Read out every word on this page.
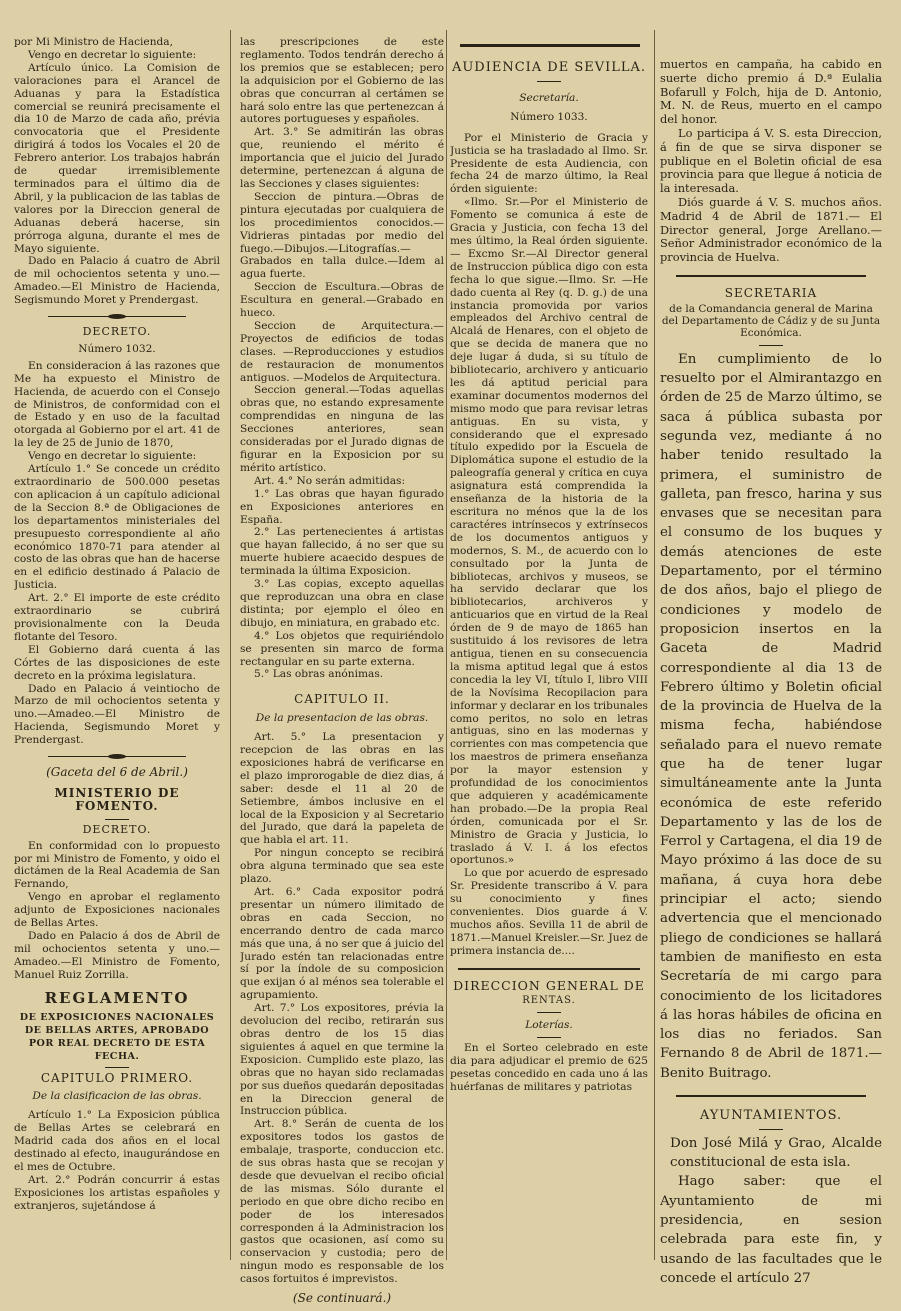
por Mi Ministro de Hacienda,

Vengo en decretar lo siguiente:

Artículo único. La Comision de valoraciones para el Arancel de Aduanas y para la Estadística comercial se reunirá precisamente el dia 10 de Marzo de cada año, prévia convocatoria que el Presidente dirigirá á todos los Vocales el 20 de Febrero anterior. Los trabajos habrán de quedar irremisiblemente terminados para el último dia de Abril, y la publicacion de las tablas de valores por la Direccion general de Aduanas deberá hacerse, sin prórroga alguna, durante el mes de Mayo siguiente.

Dado en Palacio á cuatro de Abril de mil ochocientos setenta y uno.— Amadeo.—El Ministro de Hacienda, Segismundo Moret y Prendergast.

DECRETO.
Número 1032.

En consideracion á las razones que Me ha expuesto el Ministro de Hacienda, de acuerdo con el Consejo de Ministros, de conformidad con el de Estado y en uso de la facultad otorgada al Gobierno por el art. 41 de la ley de 25 de Junio de 1870,

Vengo en decretar lo siguiente:

Artículo 1.° Se concede un crédito extraordinario de 500.000 pesetas con aplicacion á un capítulo adicional de la Seccion 8.ª de Obligaciones de los departamentos ministeriales del presupuesto correspondiente al año económico 1870-71 para atender al costo de las obras que han de hacerse en el edificio destinado á Palacio de Justicia.

Art. 2.° El importe de este crédito extraordinario se cubrirá provisionalmente con la Deuda flotante del Tesoro.

El Gobierno dará cuenta á las Córtes de las disposiciones de este decreto en la próxima legislatura.

Dado en Palacio á veintiocho de Marzo de mil ochocientos setenta y uno.—Amadeo.—El Ministro de Hacienda, Segismundo Moret y Prendergast.

(Gaceta del 6 de Abril.)
MINISTERIO DE FOMENTO.
DECRETO.

En conformidad con lo propuesto por mi Ministro de Fomento, y oido el dictámen de la Real Academia de San Fernando,

Vengo en aprobar el reglamento adjunto de Exposiciones nacionales de Bellas Artes.

Dado en Palacio á dos de Abril de mil ochocientos setenta y uno.— Amadeo.—El Ministro de Fomento, Manuel Ruiz Zorrilla.

REGLAMENTO
DE EXPOSICIONES NACIONALES DE BELLAS ARTES, APROBADO POR REAL DECRETO DE ESTA FECHA.
CAPITULO PRIMERO.
De la clasificacion de las obras.

Artículo 1.° La Exposicion pública de Bellas Artes se celebrará en Madrid cada dos años en el local destinado al efecto, inaugurándose en el mes de Octubre.

Art. 2.° Podrán concurrir á estas Exposiciones los artistas españoles y extranjeros, sujetándose á

las prescripciones de este reglamento. Todos tendrán derecho á los premios que se establecen; pero la adquisicion por el Gobierno de las obras que concurran al certámen se hará solo entre las que pertenezcan á autores portugueses y españoles.

Art. 3.° Se admitirán las obras que, reuniendo el mérito é importancia que el juicio del Jurado determine, pertenezcan á alguna de las Secciones y clases siguientes:

Seccion de pintura.—Obras de pintura ejecutadas por cualquiera de los procedimientos conocidos.—Vidrieras pintadas por medio del fuego.—Dibujos.—Litografías.—Grabados en talla dulce.—Idem al agua fuerte.

Seccion de Escultura.—Obras de Escultura en general.—Grabado en hueco.

Seccion de Arquitectura.—Proyectos de edificios de todas clases. —Reproducciones y estudios de restauracion de monumentos antiguos. —Modelos de Arquitectura.

Seccion general.—Todas aquellas obras que, no estando expresamente comprendidas en ninguna de las Secciones anteriores, sean consideradas por el Jurado dignas de figurar en la Exposicion por su mérito artístico.

Art. 4.° No serán admitidas:

1.° Las obras que hayan figurado en Exposiciones anteriores en España.

2.° Las pertenecientes á artistas que hayan fallecido, á no ser que su muerte hubiere acaecido despues de terminada la última Exposicion.

3.° Las copias, excepto aquellas que reproduzcan una obra en clase distinta; por ejemplo el óleo en dibujo, en miniatura, en grabado etc.

4.° Los objetos que requiriéndolo se presenten sin marco de forma rectangular en su parte externa.

5.° Las obras anónimas.

CAPITULO II.
De la presentacion de las obras.

Art. 5.° La presentacion y recepcion de las obras en las exposiciones habrá de verificarse en el plazo improrogable de diez dias, á saber: desde el 11 al 20 de Setiembre, ámbos inclusive en el local de la Exposicion y al Secretario del Jurado, que dará la papeleta de que habla el art. 11.

Por ningun concepto se recibirá obra alguna terminado que sea este plazo.

Art. 6.° Cada expositor podrá presentar un número ilimitado de obras en cada Seccion, no encerrando dentro de cada marco más que una, á no ser que á juicio del Jurado estén tan relacionadas entre sí por la índole de su composicion que exijan ó al ménos sea tolerable el agrupamiento.

Art. 7.° Los expositores, prévia la devolucion del recibo, retirarán sus obras dentro de los 15 dias siguientes á aquel en que termine la Exposicion. Cumplido este plazo, las obras que no hayan sido reclamadas por sus dueños quedarán depositadas en la Direccion general de Instruccion pública.

Art. 8.° Serán de cuenta de los expositores todos los gastos de embalaje, trasporte, conduccion etc. de sus obras hasta que se recojan y desde que devuelvan el recibo oficial de las mismas. Sólo durante el periodo en que obre dicho recibo en poder de los interesados corresponden á la Administracion los gastos que ocasionen, así como su conservacion y custodia; pero de ningun modo es responsable de los casos fortuitos é imprevistos.

(Se continuará.)
AUDIENCIA DE SEVILLA.
Secretaría.
Número 1033.

Por el Ministerio de Gracia y Justicia se ha trasladado al Ilmo. Sr. Presidente de esta Audiencia, con fecha 24 de marzo último, la Real órden siguiente:

«Ilmo. Sr.—Por el Ministerio de Fomento se comunica á este de Gracia y Justicia, con fecha 13 del mes último, la Real órden siguiente.— Excmo Sr.—Al Director general de Instruccion pública digo con esta fecha lo que sigue.—Ilmo. Sr. —He dado cuenta al Rey (q. D. g.) de una instancia promovida por varios empleados del Archivo central de Alcalá de Henares, con el objeto de que se decida de manera que no deje lugar á duda, si su título de bibliotecario, archivero y anticuario les dá aptitud pericial para examinar documentos modernos del mismo modo que para revisar letras antiguas. En su vista, y considerando que el expresado título expedido por la Escuela de Diplomática supone el estudio de la paleografía general y crítica en cuya asignatura está comprendida la enseñanza de la historia de la escritura no ménos que la de los caractéres intrínsecos y extrínsecos de los documentos antiguos y modernos, S. M., de acuerdo con lo consultado por la Junta de bibliotecas, archivos y museos, se ha servido declarar que los bibliotecarios, archiveros y anticuarios que en virtud de la Real órden de 9 de mayo de 1865 han sustituido á los revisores de letra antigua, tienen en su consecuencia la misma aptitud legal que á estos concedia la ley VI, título I, libro VIII de la Novísima Recopilacion para informar y declarar en los tribunales como peritos, no solo en letras antiguas, sino en las modernas y corrientes con mas competencia que los maestros de primera enseñanza por la mayor estension y profundidad de los conocimientos que adquieren y académicamente han probado.—De la propia Real órden, comunicada por el Sr. Ministro de Gracia y Justicia, lo traslado á V. I. á los efectos oportunos.»

Lo que por acuerdo de espresado Sr. Presidente transcribo á V. para su conocimiento y fines convenientes. Dios guarde á V. muchos años. Sevilla 11 de abril de 1871.—Manuel Kreisler.—Sr. Juez de primera instancia de....

DIRECCION GENERAL DE
RENTAS.
Loterías.

En el Sorteo celebrado en este dia para adjudicar el premio de 625 pesetas concedido en cada uno á las huérfanas de militares y patriotas

muertos en campaña, ha cabido en suerte dicho premio á D.ª Eulalia Bofarull y Folch, hija de D. Antonio, M. N. de Reus, muerto en el campo del honor.

Lo participa á V. S. esta Direccion, á fin de que se sirva disponer se publique en el Boletin oficial de esa provincia para que llegue á noticia de la interesada.

Diós guarde á V. S. muchos años. Madrid 4 de Abril de 1871.— El Director general, Jorge Arellano.—Señor Administrador económico de la provincia de Huelva.

SECRETARIA
de la Comandancia general de Marina del Departamento de Cádiz y de su Junta Económica.

En cumplimiento de lo resuelto por el Almirantazgo en órden de 25 de Marzo último, se saca á pública subasta por segunda vez, mediante á no haber tenido resultado la primera, el suministro de galleta, pan fresco, harina y sus envases que se necesitan para el consumo de los buques y demás atenciones de este Departamento, por el término de dos años, bajo el pliego de condiciones y modelo de proposicion insertos en la Gaceta de Madrid correspondiente al dia 13 de Febrero último y Boletin oficial de la provincia de Huelva de la misma fecha, habiéndose señalado para el nuevo remate que ha de tener lugar simultáneamente ante la Junta económica de este referido Departamento y las de los de Ferrol y Cartagena, el dia 19 de Mayo próximo á las doce de su mañana, á cuya hora debe principiar el acto; siendo advertencia que el mencionado pliego de condiciones se hallará tambien de manifiesto en esta Secretaría de mi cargo para conocimiento de los licitadores á las horas hábiles de oficina en los dias no feriados. San Fernando 8 de Abril de 1871.—Benito Buitrago.

AYUNTAMIENTOS.

Don José Milá y Grao, Alcalde constitucional de esta isla.

Hago saber: que el Ayuntamiento de mi presidencia, en sesion celebrada para este fin, y usando de las facultades que le concede el artículo 27
